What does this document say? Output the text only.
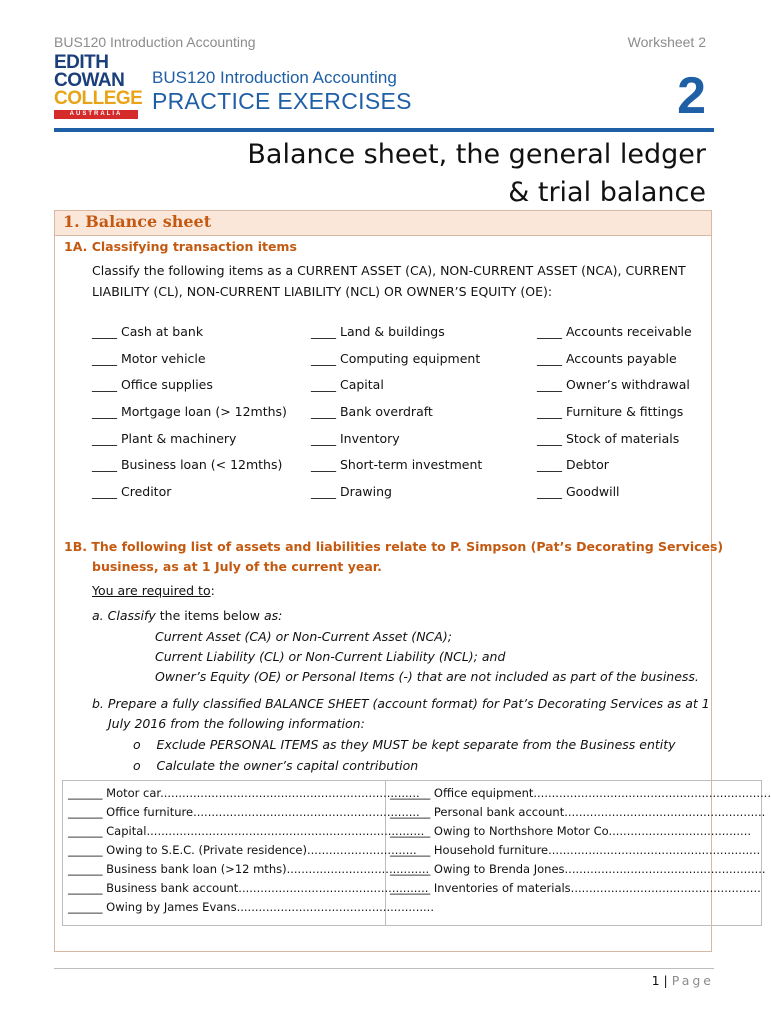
BUS120 Introduction Accounting	Worksheet 2
EDITH
COWAN
COLLEGE
AUSTRALIA
BUS120 Introduction Accounting
PRACTICE EXERCISES	2
Balance sheet, the general ledger
& trial balance
1. Balance sheet
1A. Classifying transaction items
Classify the following items as a CURRENT ASSET (CA), NON-CURRENT ASSET (NCA), CURRENT
LIABILITY (CL), NON-CURRENT LIABILITY (NCL) OR OWNER’S EQUITY (OE):
____ Cash at bank
____ Motor vehicle
____ Office supplies
____ Mortgage loan (> 12mths)
____ Plant & machinery
____ Business loan (< 12mths)
____ Creditor
____ Land & buildings
____ Computing equipment
____ Capital
____ Bank overdraft
____ Inventory
____ Short-term investment
____ Drawing
____ Accounts receivable
____ Accounts payable
____ Owner’s withdrawal
____ Furniture & fittings
____ Stock of materials
____ Debtor
____ Goodwill
1B. The following list of assets and liabilities relate to P. Simpson (Pat’s Decorating Services)
business, as at 1 July of the current year.
You are required to:
a. Classify the items below as:
Current Asset (CA) or Non-Current Asset (NCA);
Current Liability (CL) or Non-Current Liability (NCL); and
Owner’s Equity (OE) or Personal Items (-) that are not included as part of the business.
b. Prepare a fully classified BALANCE SHEET (account format) for Pat’s Decorating Services as at 1
July 2016 from the following information:
o    Exclude PERSONAL ITEMS as they MUST be kept separate from the Business entity
o    Calculate the owner’s capital contribution
______ Motor car.......................................................................
______ Office furniture..............................................................
______ Capital............................................................................
______ Owing to S.E.C. (Private residence)..............................
______ Business bank loan (>12 mths).......................................
______ Business bank account....................................................
______ Owing by James Evans......................................................
_______ Office equipment.................................................................
_______ Personal bank account.......................................................
_______ Owing to Northshore Motor Co.......................................
_______ Household furniture..........................................................
_______ Owing to Brenda Jones.......................................................
_______ Inventories of materials....................................................
1 | Page
